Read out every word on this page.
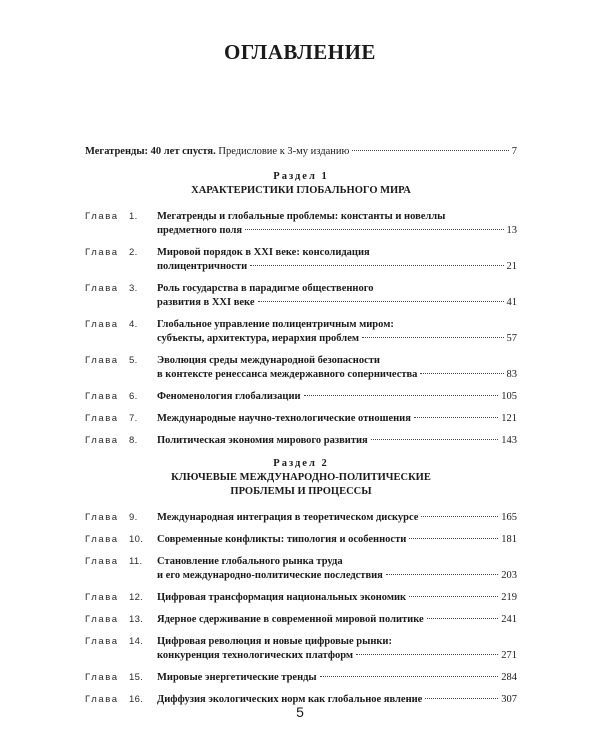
ОГЛАВЛЕНИЕ
Мегатренды: 40 лет спустя. Предисловие к 3-му изданию	7
Раздел 1
ХАРАКТЕРИСТИКИ ГЛОБАЛЬНОГО МИРА
Глава	1. Мегатренды и глобальные проблемы: константы и новеллы
предметного поля	13
Глава	2. Мировой порядок в XXI веке: консолидация
полицентричности	21
Глава	3. Роль государства в парадигме общественного
развития в XXI веке	41
Глава	4. Глобальное управление полицентричным миром:
субъекты, архитектура, иерархия проблем	57
Глава	5. Эволюция среды международной безопасности
в контексте ренессанса междержавного соперничества	83
Глава	6. Феноменология глобализации	105
Глава	7. Международные научно-технологические отношения	121
Глава	8. Политическая экономия мирового развития	143
Раздел 2
КЛЮЧЕВЫЕ МЕЖДУНАРОДНО-ПОЛИТИЧЕСКИЕ
ПРОБЛЕМЫ И ПРОЦЕССЫ
Глава	9. Международная интеграция в теоретическом дискурсе	165
Глава	10. Современные конфликты: типология и особенности	181
Глава	11. Становление глобального рынка труда
и его международно-политические последствия	203
Глава	12. Цифровая трансформация национальных экономик	219
Глава	13. Ядерное сдерживание в современной мировой политике	241
Глава	14. Цифровая революция и новые цифровые рынки:
конкуренция технологических платформ	271
Глава	15. Мировые энергетические тренды	284
Глава	16. Диффузия экологических норм как глобальное явление	307
5
